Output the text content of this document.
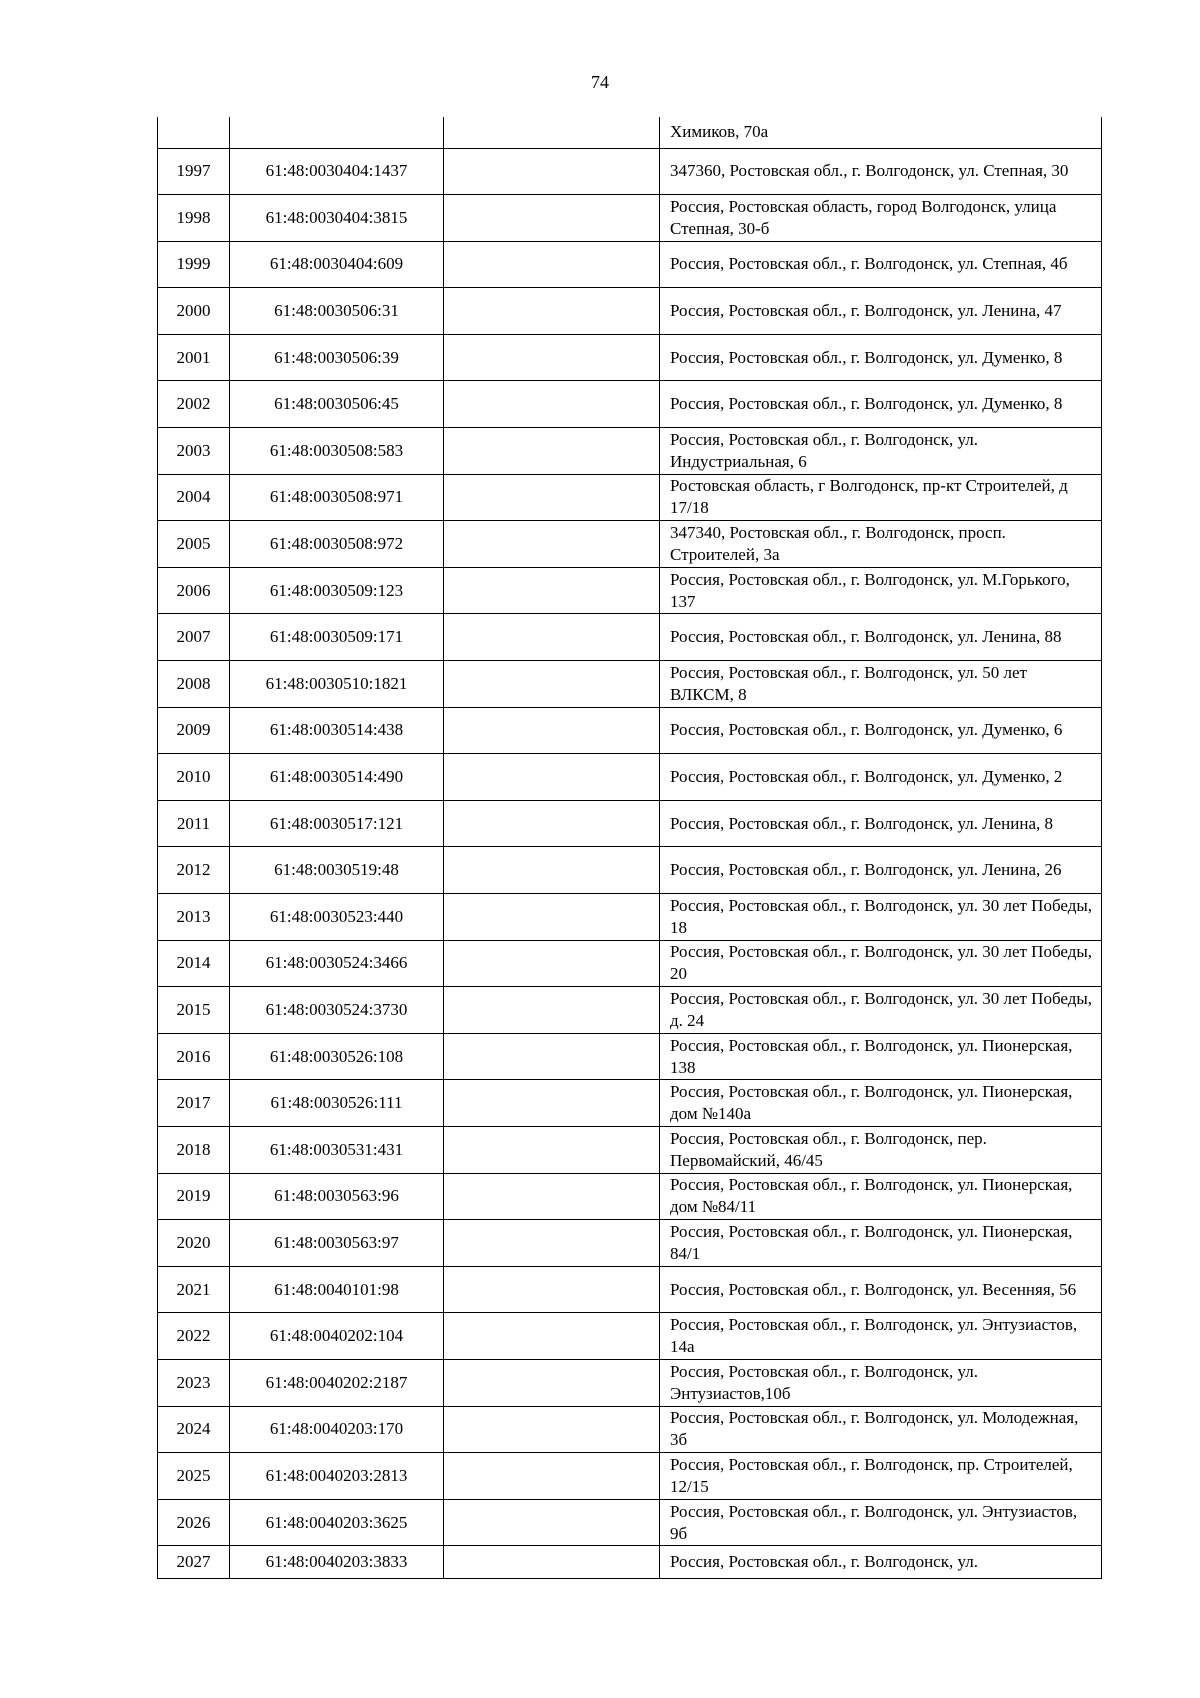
74
			Химиков, 70а
1997	61:48:0030404:1437		347360, Ростовская обл., г. Волгодонск, ул. Степная, 30
1998	61:48:0030404:3815		Россия, Ростовская область, город Волгодонск, улица Степная, 30-б
1999	61:48:0030404:609		Россия, Ростовская обл., г. Волгодонск, ул. Степная, 4б
2000	61:48:0030506:31		Россия, Ростовская обл., г. Волгодонск, ул. Ленина, 47
2001	61:48:0030506:39		Россия, Ростовская обл., г. Волгодонск, ул. Думенко, 8
2002	61:48:0030506:45		Россия, Ростовская обл., г. Волгодонск, ул. Думенко, 8
2003	61:48:0030508:583		Россия, Ростовская обл., г. Волгодонск, ул. Индустриальная, 6
2004	61:48:0030508:971		Ростовская область, г Волгодонск, пр-кт Строителей, д 17/18
2005	61:48:0030508:972		347340, Ростовская обл., г. Волгодонск, просп. Строителей, 3а
2006	61:48:0030509:123		Россия, Ростовская обл., г. Волгодонск, ул. М.Горького, 137
2007	61:48:0030509:171		Россия, Ростовская обл., г. Волгодонск, ул. Ленина, 88
2008	61:48:0030510:1821		Россия, Ростовская обл., г. Волгодонск, ул. 50 лет ВЛКСМ, 8
2009	61:48:0030514:438		Россия, Ростовская обл., г. Волгодонск, ул. Думенко, 6
2010	61:48:0030514:490		Россия, Ростовская обл., г. Волгодонск, ул. Думенко, 2
2011	61:48:0030517:121		Россия, Ростовская обл., г. Волгодонск, ул. Ленина, 8
2012	61:48:0030519:48		Россия, Ростовская обл., г. Волгодонск, ул. Ленина, 26
2013	61:48:0030523:440		Россия, Ростовская обл., г. Волгодонск, ул. 30 лет Победы, 18
2014	61:48:0030524:3466		Россия, Ростовская обл., г. Волгодонск, ул. 30 лет Победы, 20
2015	61:48:0030524:3730		Россия, Ростовская обл., г. Волгодонск, ул. 30 лет Победы, д. 24
2016	61:48:0030526:108		Россия, Ростовская обл., г. Волгодонск, ул. Пионерская, 138
2017	61:48:0030526:111		Россия, Ростовская обл., г. Волгодонск, ул. Пионерская, дом №140а
2018	61:48:0030531:431		Россия, Ростовская обл., г. Волгодонск, пер. Первомайский, 46/45
2019	61:48:0030563:96		Россия, Ростовская обл., г. Волгодонск, ул. Пионерская, дом №84/11
2020	61:48:0030563:97		Россия, Ростовская обл., г. Волгодонск, ул. Пионерская, 84/1
2021	61:48:0040101:98		Россия, Ростовская обл., г. Волгодонск, ул. Весенняя, 56
2022	61:48:0040202:104		Россия, Ростовская обл., г. Волгодонск, ул. Энтузиастов, 14а
2023	61:48:0040202:2187		Россия, Ростовская обл., г. Волгодонск, ул. Энтузиастов,10б
2024	61:48:0040203:170		Россия, Ростовская обл., г. Волгодонск, ул. Молодежная, 3б
2025	61:48:0040203:2813		Россия, Ростовская обл., г. Волгодонск, пр. Строителей, 12/15
2026	61:48:0040203:3625		Россия, Ростовская обл., г. Волгодонск, ул. Энтузиастов, 9б
2027	61:48:0040203:3833		Россия, Ростовская обл., г. Волгодонск, ул.
